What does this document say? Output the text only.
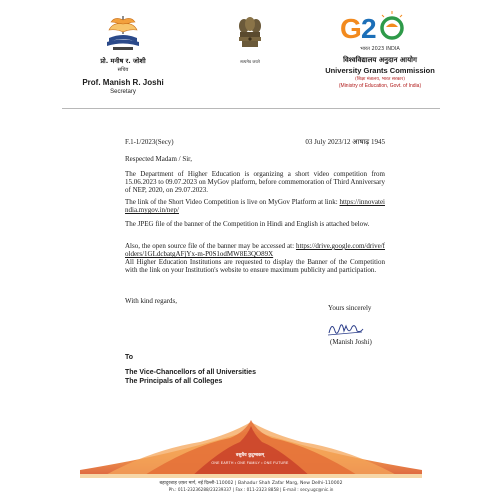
प्रो. मनीष र. जोशी
सचिव
Prof. Manish R. Joshi
Secretary
सत्यमेव जयते
G 2
भारत 2023 INDIA
विश्वविद्यालय अनुदान आयोग
University Grants Commission
(शिक्षा मंत्रालय, भारत सरकार)
(Ministry of Education, Govt. of India)
F.1-1/2023(Secy)	03 July 2023/12 आषाढ़ 1945
Respected Madam / Sir,
The Department of Higher Education is organizing a short video competition from 15.06.2023 to 09.07.2023 on MyGov platform, before commemoration of Third Anniversary of NEP, 2020, on 29.07.2023.
The link of the Short Video Competition is live on MyGov Platform at link: https://innovateindia.mygov.in/nep/
The JPEG file of the banner of the Competition in Hindi and English is attached below.
Also, the open source file of the banner may be accessed at: https://drive.google.com/drive/folders/1GLdcbatgAFjYx-m-P0S1odMW8E3QO89X
All Higher Education Institutions are requested to display the Banner of the Competition with the link on your Institution's website to ensure maximum publicity and participation.
With kind regards,
Yours sincerely
(Manish Joshi)
To
The Vice-Chancellors of all Universities
The Principals of all Colleges
वसुधैव कुटुम्बकम्
ONE EARTH • ONE FAMILY • ONE FUTURE
बहादुरशाह ज़फ़र मार्ग, नई दिल्ली-110002 | Bahadur Shah Zafar Marg, New Delhi-110002
Ph.: 011-23236288/23239337 | Fax : 011-2323 8858 | E-mail : secy.ugc@nic.in
